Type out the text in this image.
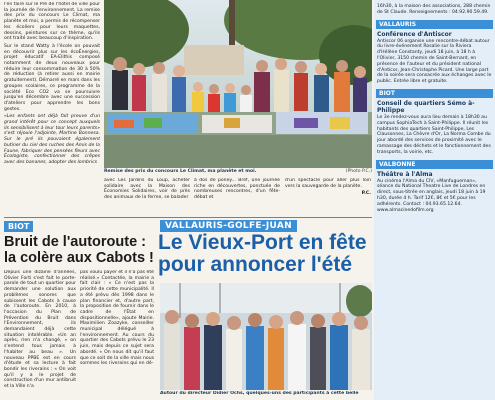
l'en faire sur le Pré de l'hôtel de ville pour la journée de l'environnement. La remise des prix du concours Le Climat, ma planète et moi, a permis de récompenser les écoliers pour leurs maquettes, dessins, peintures sur ce thème, qu'ils ont traité avec beaucoup d'inspiration.

Sur le stand Watty à l'école on pouvait en découvrir plus sur les écoÉnergies, projet éducatif EA-Elithis composé notamment de deux nouveaux pour réduire leur consommation de 30 à 50% de réduction (à retirer aussi en mairie gratuitement). Démarré en mars dans les groupes scolaires, ce programme de la société Eco CO2 va se poursuivre jusqu'en décembre avec une succession d'ateliers pour apprendre les bons gestes.

«Les enfants ont déjà fait preuve d'un grand intérêt pour ce concept auxquels ils sensibilisent à leur tour leurs parents» s'est réjouie l'adjointe, Martine Bonnesa. Sur le pré ils pouvaient également butiner du ciel des ruches des Amis de la Faune, fabriquer des pensées fleurs avec Écologiste, confectionner des crêpes avec des bananes, adopter des lombrics

Remise des prix du concours Le Climat, ma planète et moi.	(Photo P.C.)
avec Les Jardins du Loup, acheter solidaire avec la Maison des Économies Solidaires, voir de près des animaux de la ferme, se balader
à dos de poney... Bref, une journée riche en découvertes, ponctuée de nombreuses rencontres, d'un fête-débat et
d'un spectacle pour aller plus loin vers la sauvegarde de la planète.
P.C.
BIOT
Bruit de l'autoroute : la colère aux Cabots !
Depuis une dizaine d'années, Olivier Forti s'est fait le porte-parole de tout un quartier pour demander une solution aux problèmes sonores que subissent les Cabots à cause de l'autoroute. En 2010, à l'occasion du Plan de Prévention du Bruit dans l'Environnement, ils demandaient déjà cette situation intolérable. «Un an après, rien n'a changé, » on s'entend tous jamais à l'habiter au beau ». Un nouveau PPBE est en cours d'étude et sa lecture à fait bondir les riverains : « On voit qu'il y a le projet de construction d'un mur antibruit et la Ville n'a
pas voulu payer et il n'a pas été réalisé.» Contactée, la mairie a fait clair : « Ce n'est pas la priorité de cette municipalité. Il a été prévu dès 1998 dans le plan financier et, d'autre part, la proposition de fournir dans le cadre de l'État en dispositionnelle», ajoute Mairie. Maximilien Zoazyke, conseiller municipal délégué à l'environnement. Au cours du quartier des Cabots prévu le 23 juin, mais depuis ce sujet sera abordé. « On nous dit qu'il faut que ce soit de la ville mais nous sommes les riverains qui en dé-
VALLAURIS-GOLFE-JUAN
Le Vieux-Port en fête pour annoncer l'été
Autour du directeur Didier Ochs, quelques-uns des participants à cette belle
16h30, à la maison des associations, 288 chemin de St Claude. Renseignements : 04.92.90.59.49.
VALLAURIS
Conférence d'Antiscor
Antiscor 06 organise une rencontre-débat autour du livre-événement Rosalie sur la Riviera d'Hélène Constanty, jeudi 18 juin, à 18 h à l'Olivier, 3150 chemin de Saint-Bernard, en présence de l'auteur et du président national d'Anticor, Jean-Christophe Picard. Une large part de la soirée sera consacrée aux échanges avec le public. Entrée libre et gratuite.
BIOT
Conseil de quartiers Sémo à-Philippe
Le 3e rendez-vous aura lieu demain à 18h30 au campus SophiaTech à Saint-Philippe. Il réunit les habitants des quartiers Saint-Philippe, Les Clausonnes, La Chèvre d'Or, La Norma Combe du jour abordé des services de proximité avec le ramassage des déchets et le fonctionnement des transports, la voirie, etc.
VALBONNE
Théâtre à l'Alma
Au cinéma l'Alma du CIV, «Manfugueman», séance du National Theatre Live de Londres en direct, sous-titrée en anglais, jeudi 18 juin à 19 h30, durée 4 h. Tarif 12€, 8€ et 5€ pour les adhérents. Contact : 04.93.65.12.64. www.almacinedofilm.org
